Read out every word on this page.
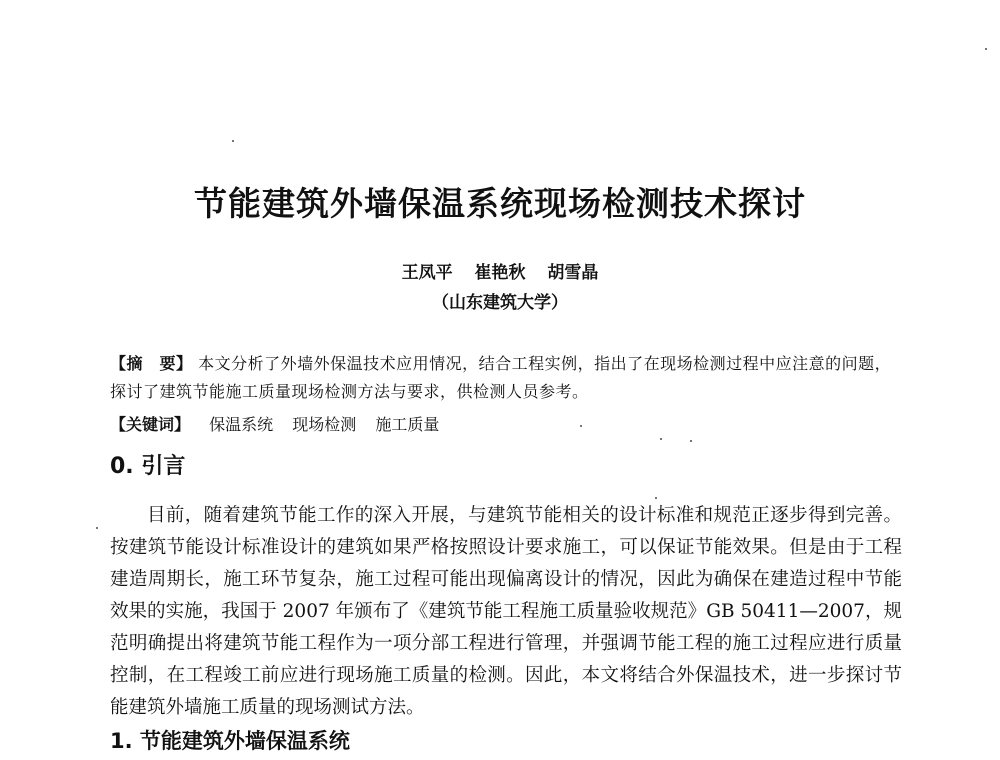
节能建筑外墙保温系统现场检测技术探讨
王凤平 崔艳秋 胡雪晶
（山东建筑大学）
【摘　要】 本文分析了外墙外保温技术应用情况，结合工程实例，指出了在现场检测过程中应注意的问题，探讨了建筑节能施工质量现场检测方法与要求，供检测人员参考。
【关键词】 保温系统 现场检测 施工质量
0. 引言
目前，随着建筑节能工作的深入开展，与建筑节能相关的设计标准和规范正逐步得到完善。按建筑节能设计标准设计的建筑如果严格按照设计要求施工，可以保证节能效果。但是由于工程建造周期长，施工环节复杂，施工过程可能出现偏离设计的情况，因此为确保在建造过程中节能效果的实施，我国于 2007 年颁布了《建筑节能工程施工质量验收规范》GB 50411—2007，规范明确提出将建筑节能工程作为一项分部工程进行管理，并强调节能工程的施工过程应进行质量控制，在工程竣工前应进行现场施工质量的检测。因此，本文将结合外保温技术，进一步探讨节能建筑外墙施工质量的现场测试方法。
1. 节能建筑外墙保温系统
